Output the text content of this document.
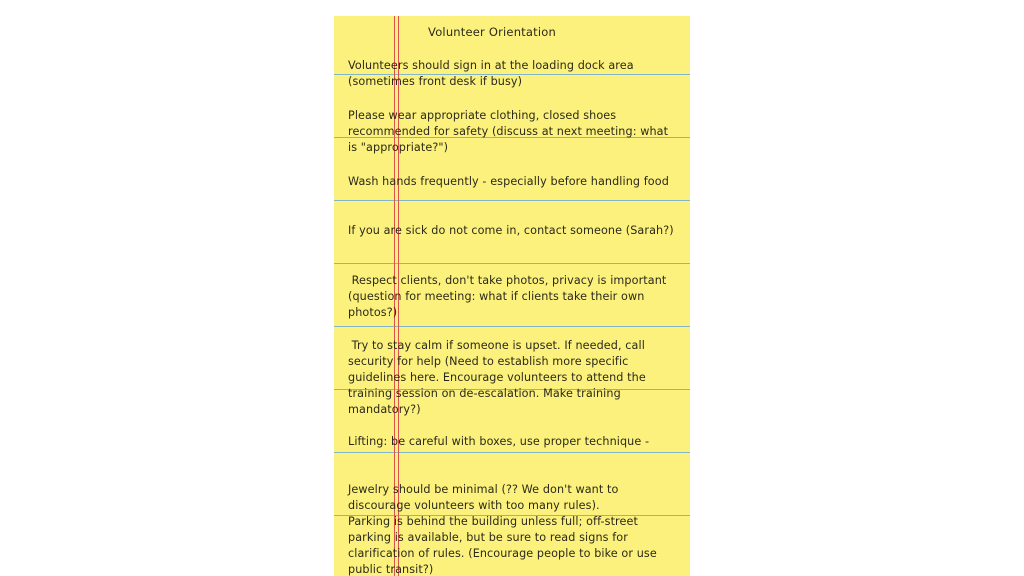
Volunteer Orientation
Volunteers should sign in at the loading dock area (sometimes front desk if busy)
Please wear appropriate clothing, closed shoes recommended for safety (discuss at next meeting: what is "appropriate?")
Wash hands frequently - especially before handling food
If you are sick do not come in, contact someone (Sarah?)
Respect clients, don't take photos, privacy is important (question for meeting: what if clients take their own photos?)
Try to stay calm if someone is upset. If needed, call security for help (Need to establish more specific guidelines here. Encourage volunteers to attend the training session on de-escalation. Make training mandatory?)
Lifting: be careful with boxes, use proper technique -
Jewelry should be minimal (?? We don't want to discourage volunteers with too many rules).
Parking is behind the building unless full; off-street parking is available, but be sure to read signs for clarification of rules. (Encourage people to bike or use public transit?)
